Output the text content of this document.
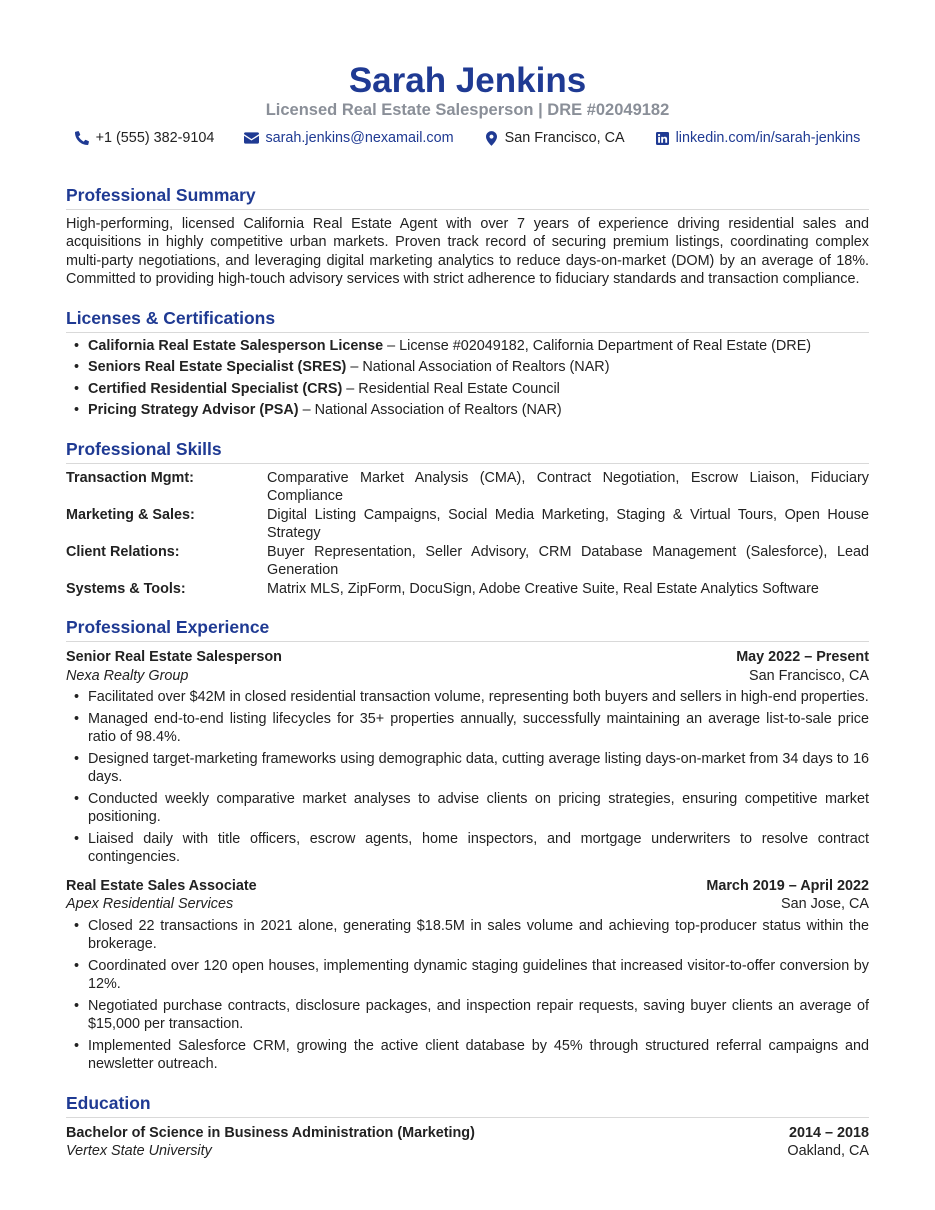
Sarah Jenkins
Licensed Real Estate Salesperson | DRE #02049182
+1 (555) 382-9104	sarah.jenkins@nexamail.com	San Francisco, CA	linkedin.com/in/sarah-jenkins
Professional Summary

High-performing, licensed California Real Estate Agent with over 7 years of experience driving residential sales and acquisitions in highly competitive urban markets. Proven track record of securing premium listings, coordinating complex multi-party negotiations, and leveraging digital marketing analytics to reduce days-on-market (DOM) by an average of 18%. Committed to providing high-touch advisory services with strict adherence to fiduciary standards and transaction compliance.

Licenses & Certifications
• California Real Estate Salesperson License – License #02049182, California Department of Real Estate (DRE)
• Seniors Real Estate Specialist (SRES) – National Association of Realtors (NAR)
• Certified Residential Specialist (CRS) – Residential Real Estate Council
• Pricing Strategy Advisor (PSA) – National Association of Realtors (NAR)
Professional Skills
Transaction Mgmt:	Comparative Market Analysis (CMA), Contract Negotiation, Escrow Liaison, Fiduciary Compliance
Marketing & Sales:	Digital Listing Campaigns, Social Media Marketing, Staging & Virtual Tours, Open House Strategy
Client Relations:	Buyer Representation, Seller Advisory, CRM Database Management (Salesforce), Lead Generation
Systems & Tools:	Matrix MLS, ZipForm, DocuSign, Adobe Creative Suite, Real Estate Analytics Software
Professional Experience
Senior Real Estate Salesperson	May 2022 – Present
Nexa Realty Group	San Francisco, CA
• Facilitated over $42M in closed residential transaction volume, representing both buyers and sellers in high-end properties.
• Managed end-to-end listing lifecycles for 35+ properties annually, successfully maintaining an average list-to-sale price ratio of 98.4%.
• Designed target-marketing frameworks using demographic data, cutting average listing days-on-market from 34 days to 16 days.
• Conducted weekly comparative market analyses to advise clients on pricing strategies, ensuring competitive market positioning.
• Liaised daily with title officers, escrow agents, home inspectors, and mortgage underwriters to resolve contract contingencies.
Real Estate Sales Associate	March 2019 – April 2022
Apex Residential Services	San Jose, CA
• Closed 22 transactions in 2021 alone, generating $18.5M in sales volume and achieving top-producer status within the brokerage.
• Coordinated over 120 open houses, implementing dynamic staging guidelines that increased visitor-to-offer conversion by 12%.
• Negotiated purchase contracts, disclosure packages, and inspection repair requests, saving buyer clients an average of $15,000 per transaction.
• Implemented Salesforce CRM, growing the active client database by 45% through structured referral campaigns and newsletter outreach.
Education
Bachelor of Science in Business Administration (Marketing)	2014 – 2018
Vertex State University	Oakland, CA
